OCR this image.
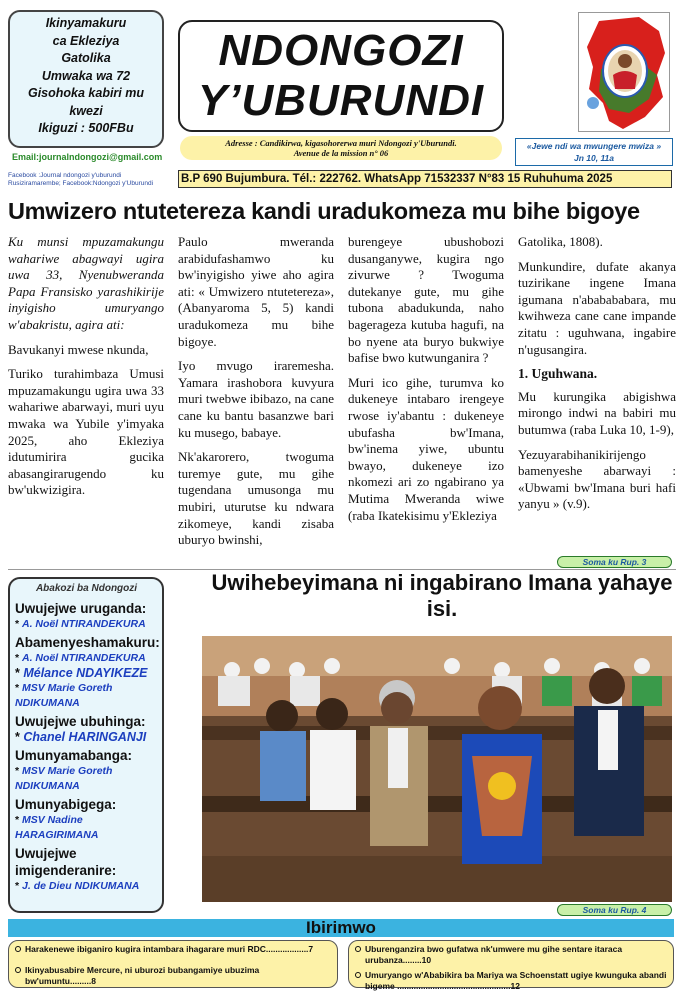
Ikinyamakuru
ca Ekleziya
Gatolika
Umwaka wa 72
Gisohoka kabiri mu
kwezi
Ikiguzi : 500FBu
Email:journalndongozi@gmail.com
Facebook :Journal ndongozi y'uburundi Rusiziramarembe; Facebook:Ndongozi y'Uburundi
NDONGOZI
Y’UBURUNDI
Adresse : Candikirwa, kigasohorerwa muri Ndongozi y'Uburundi.
Avenue de la mission n° 06
«Jewe ndi wa mwungere mwiza »
Jn 10, 11a
B.P 690 Bujumbura. Tél.: 222762. WhatsApp 71532337 N°83 15 Ruhuhuma 2025
Umwizero ntutetereza kandi uradukomeza mu bihe bigoye

Ku munsi mpuzamakungu wahariwe abagwayi ugira uwa 33, Nyenubweranda Papa Fransisko yarashikirije inyigisho umuryango w'abakristu, agira ati:

Bavukanyi mwese nkunda,

Turiko turahimbaza Umusi mpuzamakungu ugira uwa 33 wahariwe abarwayi, muri uyu mwaka wa Yubile y'imyaka 2025, aho Ekleziya idutumirira gucika abasangirarugendo ku bw'ukwizigira.

Paulo mweranda arabidufashamwo ku bw'inyigisho yiwe aho agira ati: « Umwizero ntutetereza», (Abanyaroma 5, 5) kandi uradukomeza mu bihe bigoye.

Iyo mvugo iraremesha. Yamara irashobora kuvyura muri twebwe ibibazo, na cane cane ku bantu basanzwe bari ku musego, babaye.

Nk'akarorero, twoguma turemye gute, mu gihe tugendana umusonga mu mubiri, uturutse ku ndwara zikomeye, kandi zisaba uburyo bwinshi,

burengeye ubushobozi dusanganywe, kugira ngo zivurwe ? Twoguma dutekanye gute, mu gihe tubona abadukunda, naho bagerageza kutuba hagufi, na bo nyene ata buryo bukwiye bafise bwo kutwunganira ?

Muri ico gihe, turumva ko dukeneye intabaro irengeye rwose iy'abantu : dukeneye ubufasha bw'Imana, bw'inema yiwe, ubuntu bwayo, dukeneye izo nkomezi ari zo ngabirano ya Mutima Mweranda wiwe (raba Ikatekisimu y'Ekleziya

Gatolika, 1808).

Munkundire, dufate akanya tuzirikane ingene Imana igumana n'ababababara, mu kwihweza cane cane impande zitatu : uguhwana, ingabire n'ugusangira.

1. Uguhwana.

Mu kurungika abigishwa mirongo indwi na babiri mu butumwa (raba Luka 10, 1-9),

Yezuyarabihanikirijengo bamenyeshe abarwayi : «Ubwami bw'Imana buri hafi yanyu » (v.9).

Soma ku Rup. 3
Abakozi ba Ndongozi
Uwujejwe uruganda:
* A. Noël NTIRANDEKURA
Abamenyeshamakuru:
* A. Noël NTIRANDEKURA
* Mélance NDAYIKEZE
* MSV Marie Goreth NDIKUMANA
Uwujejwe ubuhinga:
* Chanel HARINGANJI
Umunyamabanga:
* MSV Marie Goreth NDIKUMANA
Umunyabigega:
* MSV Nadine HARAGIRIMANA
Uwujejwe imigenderanire:
* J. de Dieu NDIKUMANA
Uwihebeyimana ni ingabirano Imana yahaye isi.
Soma ku Rup. 4
Ibirimwo
Harakenewe ibiganiro kugira intambara ihagarare muri RDC..................7
Ikinyabusabire Mercure, ni uburozi bubangamiye ubuzima bw'umuntu.........8
Uburenganzira bwo gufatwa nk'umwere mu gihe sentare itaraca urubanza........10
Umuryango w'Ababikira ba Mariya wa Schoenstatt ugiye kwunguka abandi bigeme ................................................12
